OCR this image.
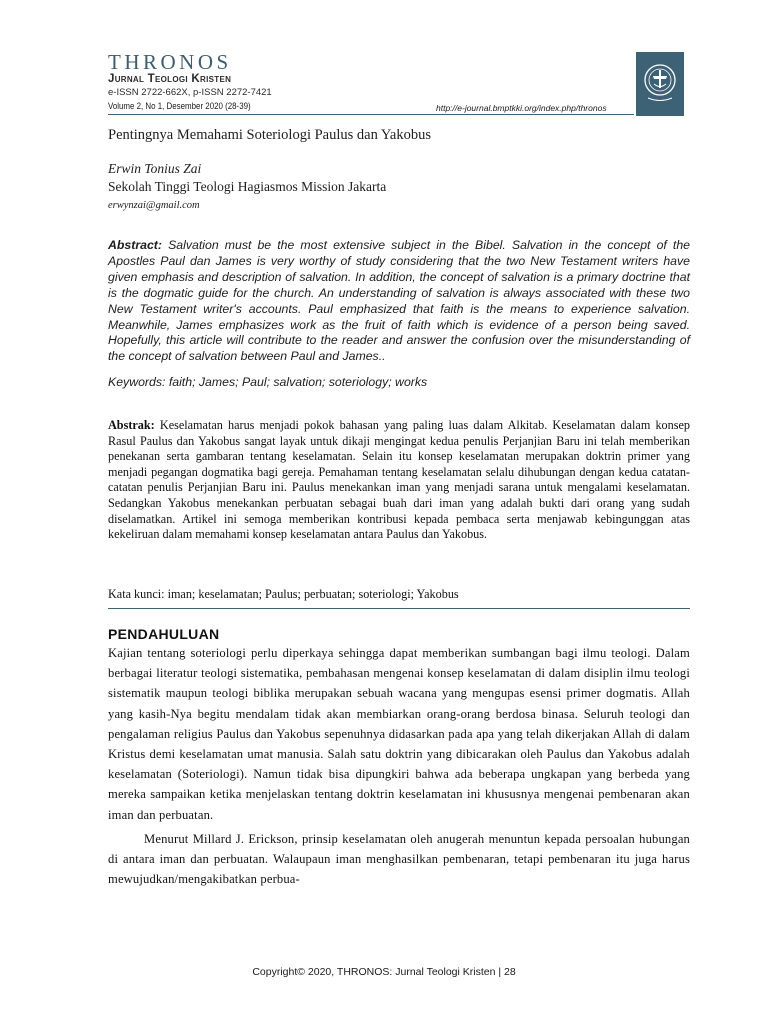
THRONOS
Jurnal Teologi Kristen
e-ISSN 2722-662X, p-ISSN 2272-7421
Volume 2, No 1, Desember 2020 (28-39)	http://e-journal.bmptkki.org/index.php/thronos
Pentingnya Memahami Soteriologi Paulus dan Yakobus
Erwin Tonius Zai
Sekolah Tinggi Teologi Hagiasmos Mission Jakarta
erwynzai@gmail.com
Abstract: Salvation must be the most extensive subject in the Bibel. Salvation in the concept of the Apostles Paul dan James is very worthy of study considering that the two New Testament writers have given emphasis and description of salvation. In addition, the concept of salvation is a primary doctrine that is the dogmatic guide for the church. An understanding of salvation is always associated with these two New Testament writer's accounts. Paul emphasized that faith is the means to experience salvation. Meanwhile, James emphasizes work as the fruit of faith which is evidence of a person being saved. Hopefully, this article will contribute to the reader and answer the confusion over the misunderstanding of the concept of salvation between Paul and James..
Keywords: faith; James; Paul; salvation; soteriology; works
Abstrak: Keselamatan harus menjadi pokok bahasan yang paling luas dalam Alkitab. Keselamatan dalam konsep Rasul Paulus dan Yakobus sangat layak untuk dikaji mengingat kedua penulis Perjanjian Baru ini telah memberikan penekanan serta gambaran tentang keselamatan. Selain itu konsep keselamatan merupakan doktrin primer yang menjadi pegangan dogmatika bagi gereja. Pemahaman tentang keselamatan selalu dihubungan dengan kedua catatan-catatan penulis Perjanjian Baru ini. Paulus menekankan iman yang menjadi sarana untuk mengalami keselamatan. Sedangkan Yakobus menekankan perbuatan sebagai buah dari iman yang adalah bukti dari orang yang sudah diselamatkan. Artikel ini semoga memberikan kontribusi kepada pembaca serta menjawab kebingunggan atas kekeliruan dalam memahami konsep keselamatan antara Paulus dan Yakobus.
Kata kunci: iman; keselamatan; Paulus; perbuatan; soteriologi; Yakobus
PENDAHULUAN

Kajian tentang soteriologi perlu diperkaya sehingga dapat memberikan sumbangan bagi ilmu teologi. Dalam berbagai literatur teologi sistematika, pembahasan mengenai konsep keselamatan di dalam disiplin ilmu teologi sistematik maupun teologi biblika merupakan sebuah wacana yang mengupas esensi primer dogmatis. Allah yang kasih-Nya begitu mendalam tidak akan membiarkan orang-orang berdosa binasa. Seluruh teologi dan pengalaman religius Paulus dan Yakobus sepenuhnya didasarkan pada apa yang telah dikerjakan Allah di dalam Kristus demi keselamatan umat manusia. Salah satu doktrin yang dibicarakan oleh Paulus dan Yakobus adalah keselamatan (Soteriologi). Namun tidak bisa dipungkiri bahwa ada beberapa ungkapan yang berbeda yang mereka sampaikan ketika menjelaskan tentang doktrin keselamatan ini khususnya mengenai pembenaran akan iman dan perbuatan.

Menurut Millard J. Erickson, prinsip keselamatan oleh anugerah menuntun kepada persoalan hubungan di antara iman dan perbuatan. Walaupaun iman menghasilkan pembenaran, tetapi pembenaran itu juga harus mewujudkan/mengakibatkan perbua-

Copyright© 2020, THRONOS: Jurnal Teologi Kristen | 28
